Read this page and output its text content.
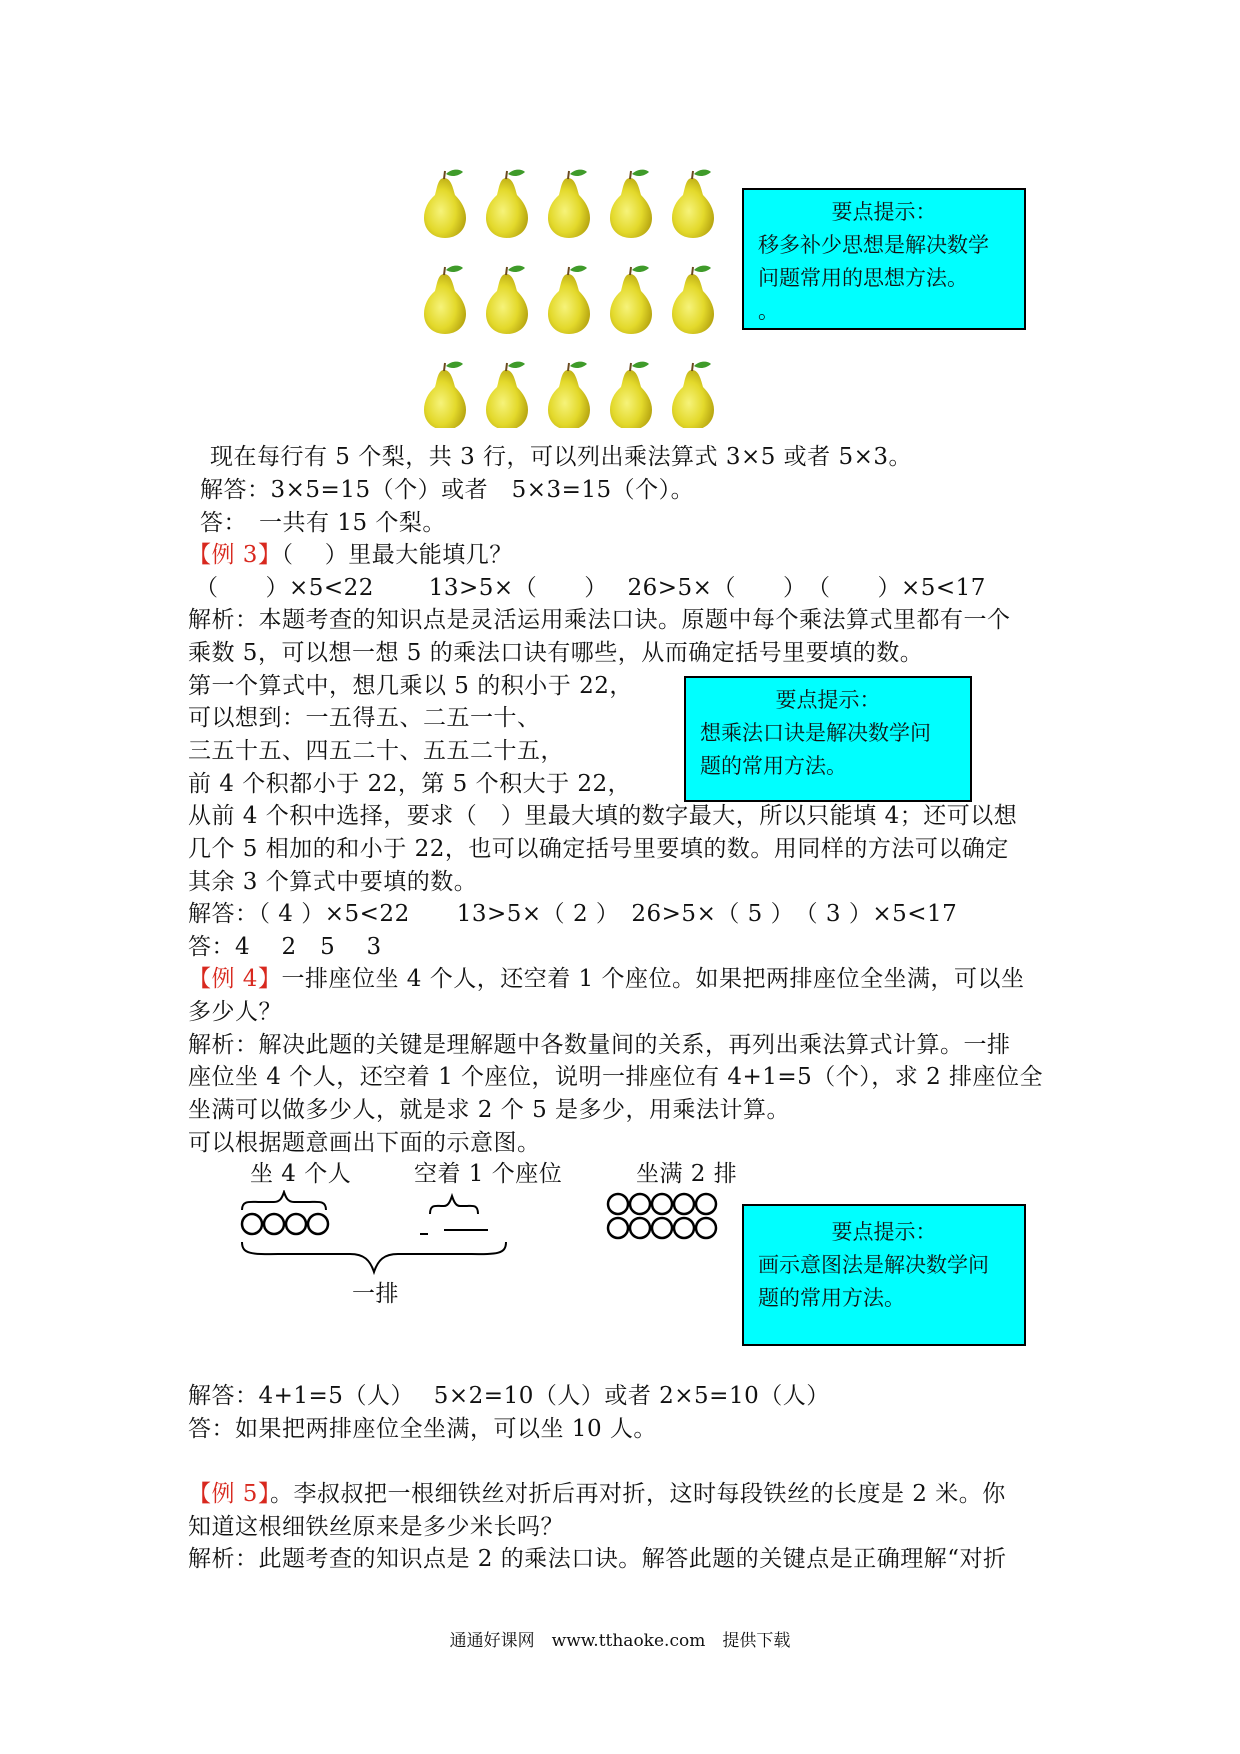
要点提示：
移多补少思想是解决数学
问题常用的思想方法。
。
现在每行有 5 个梨，共 3 行，可以列出乘法算式 3×5 或者 5×3。
解答：3×5=15（个）或者　5×3=15（个）。
答：　一共有 15 个梨。
【例 3】（　 ）里最大能填几？
（　　）×5<22　　 13>5×（　　）　 26>5×（　　）　（　　）×5<17
解析：本题考查的知识点是灵活运用乘法口诀。原题中每个乘法算式里都有一个
乘数 5，可以想一想 5 的乘法口诀有哪些，从而确定括号里要填的数。
第一个算式中，想几乘以 5 的积小于 22，
可以想到：一五得五、二五一十、
三五十五、四五二十、五五二十五，
前 4 个积都小于 22，第 5 个积大于 22，
从前 4 个积中选择，要求（　）里最大填的数字最大，所以只能填 4；还可以想
几个 5 相加的和小于 22，也可以确定括号里要填的数。用同样的方法可以确定
其余 3 个算式中要填的数。
解答：（ 4 ）×5<22　　13>5×（ 2 ）　26>5×（ 5 ）　（ 3 ）×5<17
答：4　 2　5　 3
要点提示：
想乘法口诀是解决数学问
题的常用方法。
【例 4】一排座位坐 4 个人，还空着 1 个座位。如果把两排座位全坐满，可以坐
多少人？
解析：解决此题的关键是理解题中各数量间的关系，再列出乘法算式计算。一排
座位坐 4 个人，还空着 1 个座位，说明一排座位有 4+1=5（个），求 2 排座位全
坐满可以做多少人，就是求 2 个 5 是多少，用乘法计算。
可以根据题意画出下面的示意图。
坐 4 个人	空着 1 个座位	坐满 2 排
一排
要点提示：
画示意图法是解决数学问
题的常用方法。
解答：4+1=5（人）　 5×2=10（人）或者 2×5=10（人）
答：如果把两排座位全坐满，可以坐 10 人。
【例 5】。李叔叔把一根细铁丝对折后再对折，这时每段铁丝的长度是 2 米。你
知道这根细铁丝原来是多少米长吗？
解析：此题考查的知识点是 2 的乘法口诀。解答此题的关键点是正确理解“对折
通通好课网　www.tthaoke.com　提供下载
